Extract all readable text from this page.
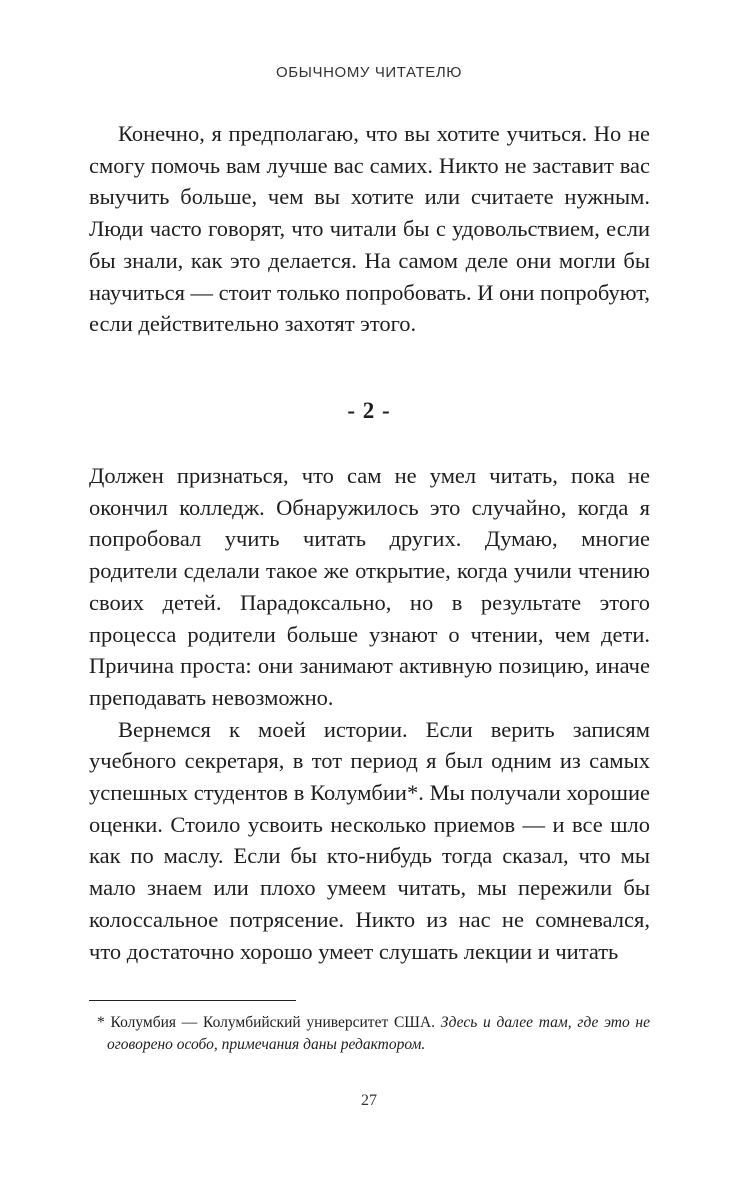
ОБЫЧНОМУ ЧИТАТЕЛЮ

Конечно, я предполагаю, что вы хотите учиться. Но не смогу помочь вам лучше вас самих. Никто не заставит вас выучить больше, чем вы хотите или считаете нужным. Люди часто говорят, что читали бы с удовольствием, если бы знали, как это делается. На самом деле они могли бы научиться — стоит только попробовать. И они попробуют, если действительно захотят этого.

- 2 -

Должен признаться, что сам не умел читать, пока не окончил колледж. Обнаружилось это случайно, когда я попробовал учить читать других. Думаю, многие родители сделали такое же открытие, когда учили чтению своих детей. Парадоксально, но в результате этого процесса родители больше узнают о чтении, чем дети. Причина проста: они занимают активную позицию, иначе преподавать невозможно.

Вернемся к моей истории. Если верить записям учебного секретаря, в тот период я был одним из самых успешных студентов в Колумбии*. Мы получали хорошие оценки. Стоило усвоить несколько приемов — и все шло как по маслу. Если бы кто-нибудь тогда сказал, что мы мало знаем или плохо умеем читать, мы пережили бы колоссальное потрясение. Никто из нас не сомневался, что достаточно хорошо умеет слушать лекции и читать

* Колумбия — Колумбийский университет США. Здесь и далее там, где это не оговорено особо, примечания даны редактором.

27
